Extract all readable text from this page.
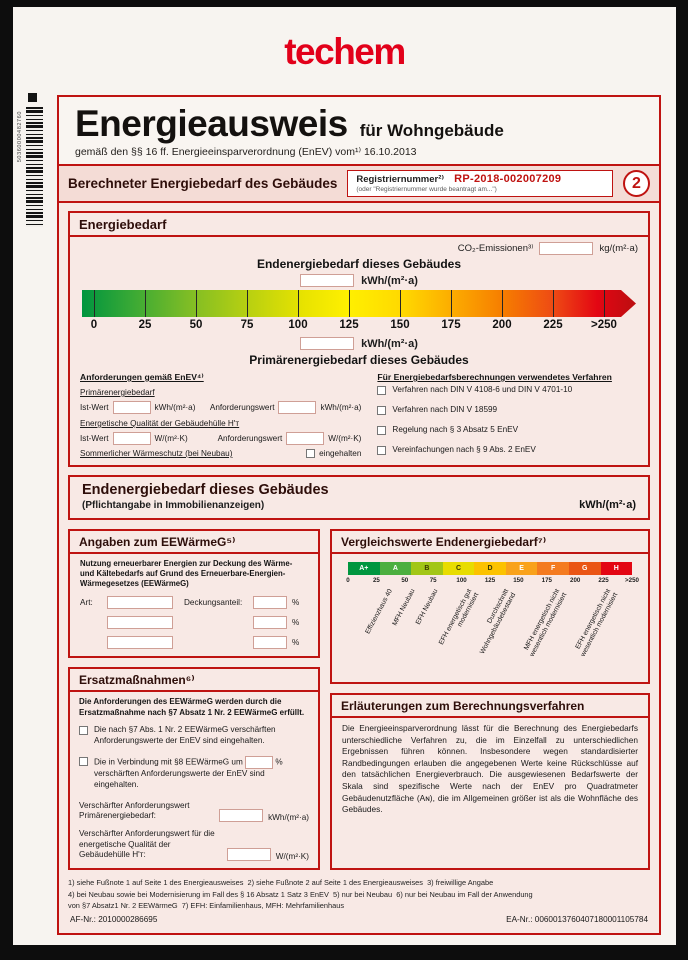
techem
50360000482760 Energieausweis für Wohngebäude
gemäß den §§ 16 ff. Energieeinsparverordnung (EnEV) vom¹⁾ 16.10.2013
Berechneter Energiebedarf des Gebäudes Registriernummer²⁾ RP-2018-002007209
(oder "Registriernummer wurde beantragt am...")	2
Energiebedarf
CO₂-Emissionen³⁾	kg/(m²·a)
Endenergiebedarf dieses Gebäudes
kWh/(m²·a)
0	25	50	75	100	125	150	175	200	225 >250
kWh/(m²·a)
Primärenergiebedarf dieses Gebäudes
Anforderungen gemäß EnEV⁴⁾
Primärenergiebedarf
Ist-Wert	kWh/(m²·a) Anforderungswert	kWh/(m²·a)
Energetische Qualität der Gebäudehülle H'ᴛ
Ist-Wert	W/(m²·K)	Anforderungswert	W/(m²·K)
Sommerlicher Wärmeschutz (bei Neubau)	eingehalten
Für Energiebedarfsberechnungen verwendetes Verfahren
Verfahren nach DIN V 4108-6 und DIN V 4701-10
Verfahren nach DIN V 18599
Regelung nach § 3 Absatz 5 EnEV
Vereinfachungen nach § 9 Abs. 2 EnEV
Endenergiebedarf dieses Gebäudes
(Pflichtangabe in Immobilienanzeigen)	kWh/(m²·a)
Angaben zum EEWärmeG⁵⁾
Nutzung erneuerbarer Energien zur Deckung des Wärme- und Kältebedarfs auf Grund des Erneuerbare-Energien-Wärmegesetzes (EEWärmeG)
Art:	Deckungsanteil:	%
%
%
Ersatzmaßnahmen⁶⁾
Die Anforderungen des EEWärmeG werden durch die Ersatzmaßnahme nach §7 Absatz 1 Nr. 2 EEWärmeG erfüllt.
Die nach §7 Abs. 1 Nr. 2 EEWärmeG verschärften Anforderungswerte der EnEV sind eingehalten.
Die in Verbindung mit §8 EEWärmeG um	% verschärften Anforderungswerte der EnEV sind eingehalten.
Verschärfter Anforderungswert Primärenergiebedarf:	kWh/(m²·a)
Verschärfter Anforderungswert für die energetische Qualität der Gebäudehülle H'ᴛ:	W/(m²·K)
Vergleichswerte Endenergiebedarf⁷⁾
A+	A	B	C	D	E	F	G	H
0	25	50	75	100	125	150	175	200	225	>250
Effizienzhaus 40
MFH Neubau
EFH Neubau
EFH energetisch gut modernisiert Durchschnitt Wohngebäudebestand MFH energetisch nicht wesentlich modernisiert EFH energetisch nicht wesentlich modernisiert
Erläuterungen zum Berechnungsverfahren
Die Energieeinsparverordnung lässt für die Berechnung des Energiebedarfs unterschiedliche Verfahren zu, die im Einzelfall zu unterschiedlichen Ergebnissen führen können. Insbesondere wegen standardisierter Randbedingungen erlauben die angegebenen Werte keine Rückschlüsse auf den tatsächlichen Energieverbrauch. Die ausgewiesenen Bedarfswerte der Skala sind spezifische Werte nach der EnEV pro Quadratmeter Gebäudenutzfläche (Aɴ), die im Allgemeinen größer ist als die Wohnfläche des Gebäudes.
1) siehe Fußnote 1 auf Seite 1 des Energieausweises  2) siehe Fußnote 2 auf Seite 1 des Energieausweises  3) freiwillige Angabe
4) bei Neubau sowie bei Modernisierung im Fall des § 16 Absatz 1 Satz 3 EnEV  5) nur bei Neubau  6) nur bei Neubau im Fall der Anwendung
von §7 Absatz1 Nr. 2 EEWärmeG  7) EFH: Einfamilienhaus, MFH: Mehrfamilienhaus
AF-Nr.: 2010000286695	EA-Nr.: 0060013760407180001105784
